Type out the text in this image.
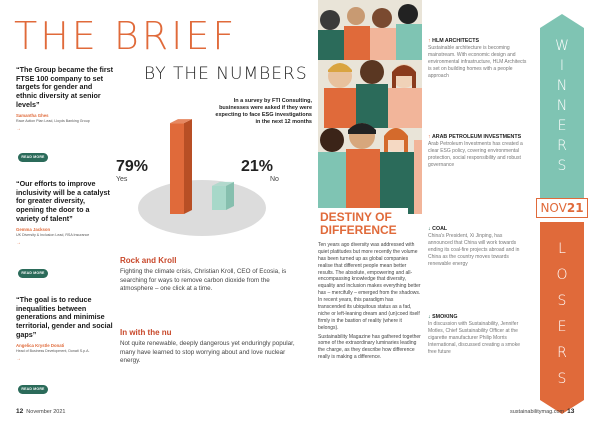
THE BRIEF
“The Group became the first FTSE 100 company to set targets for gender and ethnic diversity at senior levels”
Samantha Ghes
Race Action Plan Lead, Lloyds Banking Group
→
READ MORE
“Our efforts to improve inclusivity will be a catalyst for greater diversity, opening the door to a variety of talent”
Gemma Jackson
UK Diversity & Inclusion Lead, RSA Insurance
→
READ MORE
“The goal is to reduce inequalities between generations and minimise territorial, gender and social gaps”
Angelica Krystle Donati
Head of Business Development, Donati S.p.A.
→
READ MORE
BY THE NUMBERS
In a survey by FTI Consulting, businesses were asked if they were expecting to face ESG investigations in the next 12 months
79%
Yes
21%
No
Rock and Kroll
Fighting the climate crisis, Christian Kroll, CEO of Ecosia, is searching for ways to remove carbon dioxide from the atmosphere – one click at a time.
In with the nu
Not quite renewable, deeply dangerous yet enduringly popular, many have learned to stop worrying about and love nuclear energy.
DESTINY OF DIFFERENCE

Ten years ago diversity was addressed with quiet platitudes but more recently the volume has been turned up as global companies realise that different people mean better results. The absolute, empowering and all-encompassing knowledge that diversity, equality and inclusion makes everything better has – mercifully – emerged from the shadows. In recent years, this paradigm has transcended its ubiquitous status as a fad, niche or left-leaning dream and (un)coed itself firmly in the bastion of reality (where it belongs).

Sustainability Magazine has gathered together some of the extraordinary luminaries leading the charge, as they describe how difference really is making a difference.

↑ HLM ARCHITECTS
Sustainable architecture is becoming mainstream. With economic design and environmental infrastructure, HLM Architects is set on building homes with a people approach
↑ ARAB PETROLEUM INVESTMENTS
Arab Petroleum Investments has created a clear ESG policy, covering environmental protection, social responsibility and robust governance
↓ COAL
China's President, Xi Jinping, has announced that China will work towards ending its coal-fire projects abroad and in China as the country moves towards renewable energy
↓ SMOKING
In discussion with Sustainability, Jennifer Motles, Chief Sustainability Officer at the cigarette manufacturer Philip Morris International, discussed creating a smoke free future
W
I
N
N
E
R
S
NOV21
L
O
S
E
R
S
12 November 2021	sustainabilitymag.com 13
